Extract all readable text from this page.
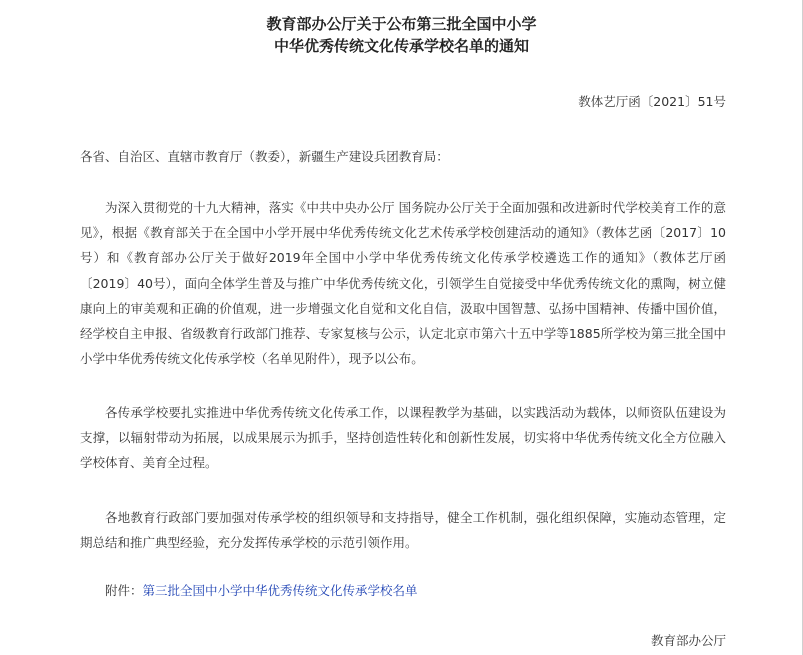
教育部办公厅关于公布第三批全国中小学
中华优秀传统文化传承学校名单的通知
教体艺厅函〔2021〕51号
各省、自治区、直辖市教育厅（教委），新疆生产建设兵团教育局：
为深入贯彻党的十九大精神，落实《中共中央办公厅 国务院办公厅关于全面加强和改进新时代学校美育工作的意见》，根据《教育部关于在全国中小学开展中华优秀传统文化艺术传承学校创建活动的通知》（教体艺函〔2017〕10号）和《教育部办公厅关于做好2019年全国中小学中华优秀传统文化传承学校遴选工作的通知》（教体艺厅函〔2019〕40号），面向全体学生普及与推广中华优秀传统文化，引领学生自觉接受中华优秀传统文化的熏陶，树立健康向上的审美观和正确的价值观，进一步增强文化自觉和文化自信，汲取中国智慧、弘扬中国精神、传播中国价值，经学校自主申报、省级教育行政部门推荐、专家复核与公示，认定北京市第六十五中学等1885所学校为第三批全国中小学中华优秀传统文化传承学校（名单见附件），现予以公布。
各传承学校要扎实推进中华优秀传统文化传承工作，以课程教学为基础，以实践活动为载体，以师资队伍建设为支撑，以辐射带动为拓展，以成果展示为抓手，坚持创造性转化和创新性发展，切实将中华优秀传统文化全方位融入学校体育、美育全过程。
各地教育行政部门要加强对传承学校的组织领导和支持指导，健全工作机制，强化组织保障，实施动态管理，定期总结和推广典型经验，充分发挥传承学校的示范引领作用。
附件：第三批全国中小学中华优秀传统文化传承学校名单
教育部办公厅
